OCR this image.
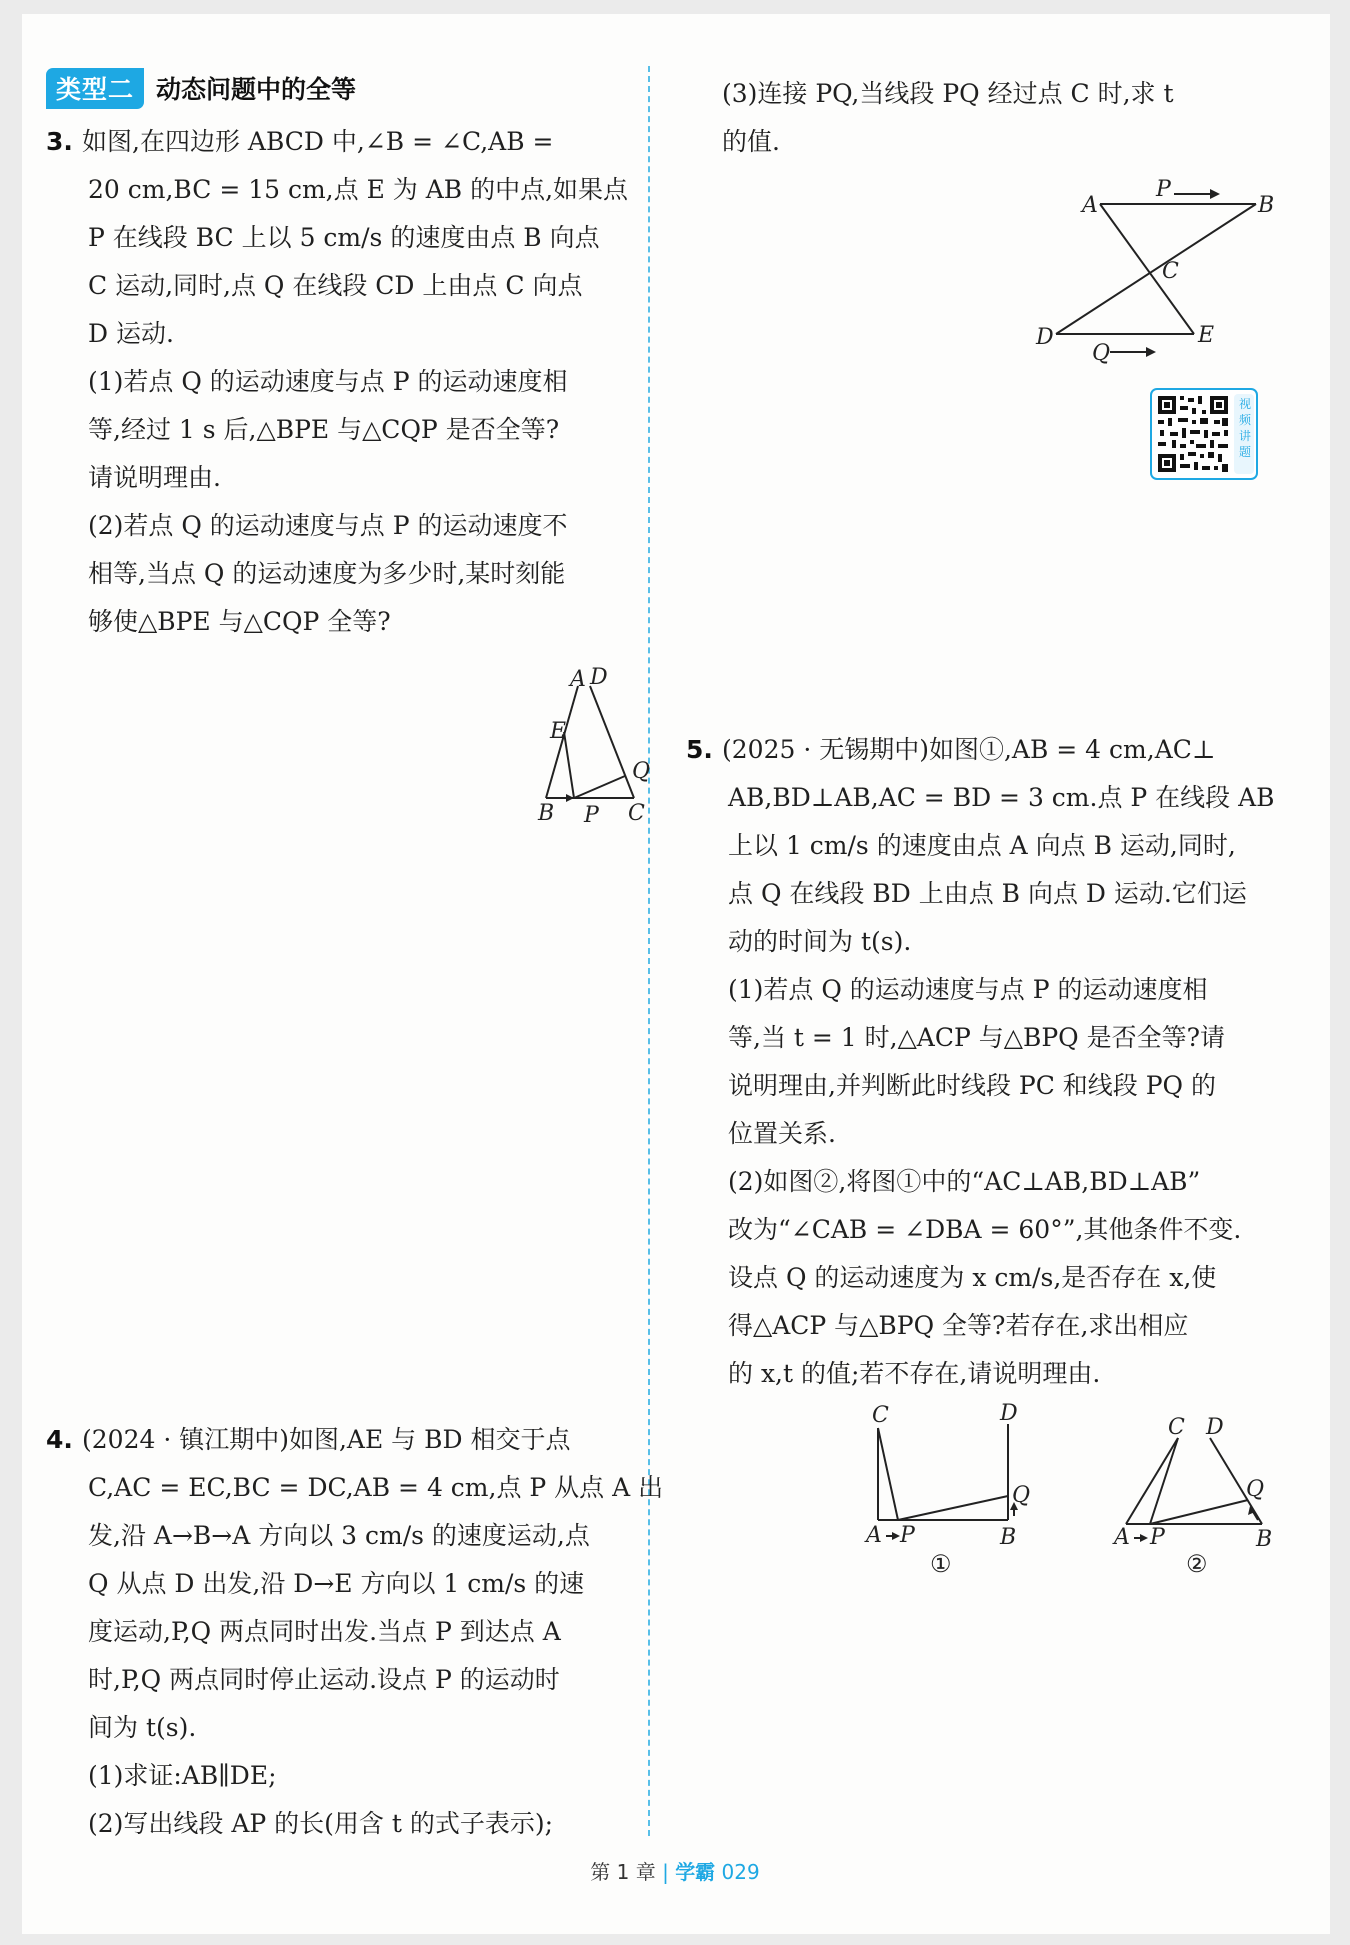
类型二 动态问题中的全等

3. 如图,在四边形 ABCD 中,∠B = ∠C,AB =

20 cm,BC = 15 cm,点 E 为 AB 的中点,如果点

P 在线段 BC 上以 5 cm/s 的速度由点 B 向点

C 运动,同时,点 Q 在线段 CD 上由点 C 向点

D 运动.

(1)若点 Q 的运动速度与点 P 的运动速度相

等,经过 1 s 后,△BPE 与△CQP 是否全等?

请说明理由.

(2)若点 Q 的运动速度与点 P 的运动速度不

相等,当点 Q 的运动速度为多少时,某时刻能

够使△BPE 与△CQP 全等?

A D
E
Q
B P C

4. (2024 · 镇江期中)如图,AE 与 BD 相交于点

C,AC = EC,BC = DC,AB = 4 cm,点 P 从点 A 出

发,沿 A→B→A 方向以 3 cm/s 的速度运动,点

Q 从点 D 出发,沿 D→E 方向以 1 cm/s 的速

度运动,P,Q 两点同时出发.当点 P 到达点 A

时,P,Q 两点同时停止运动.设点 P 的运动时

间为 t(s).

(1)求证:AB∥DE;

(2)写出线段 AP 的长(用含 t 的式子表示);

(3)连接 PQ,当线段 PQ 经过点 C 时,求 t

的值.

A
P
B
C
D
Q
E
视频讲题

5. (2025 · 无锡期中)如图①,AB = 4 cm,AC⊥

AB,BD⊥AB,AC = BD = 3 cm.点 P 在线段 AB

上以 1 cm/s 的速度由点 A 向点 B 运动,同时,

点 Q 在线段 BD 上由点 B 向点 D 运动.它们运

动的时间为 t(s).

(1)若点 Q 的运动速度与点 P 的运动速度相

等,当 t = 1 时,△ACP 与△BPQ 是否全等?请

说明理由,并判断此时线段 PC 和线段 PQ 的

位置关系.

(2)如图②,将图①中的“AC⊥AB,BD⊥AB”

改为“∠CAB = ∠DBA = 60°”,其他条件不变.

设点 Q 的运动速度为 x cm/s,是否存在 x,使

得△ACP 与△BPQ 全等?若存在,求出相应

的 x,t 的值;若不存在,请说明理由.

C	D
Q
A P	B
①
C D
Q
A P	B
②
第 1 章 | 学霸 029
